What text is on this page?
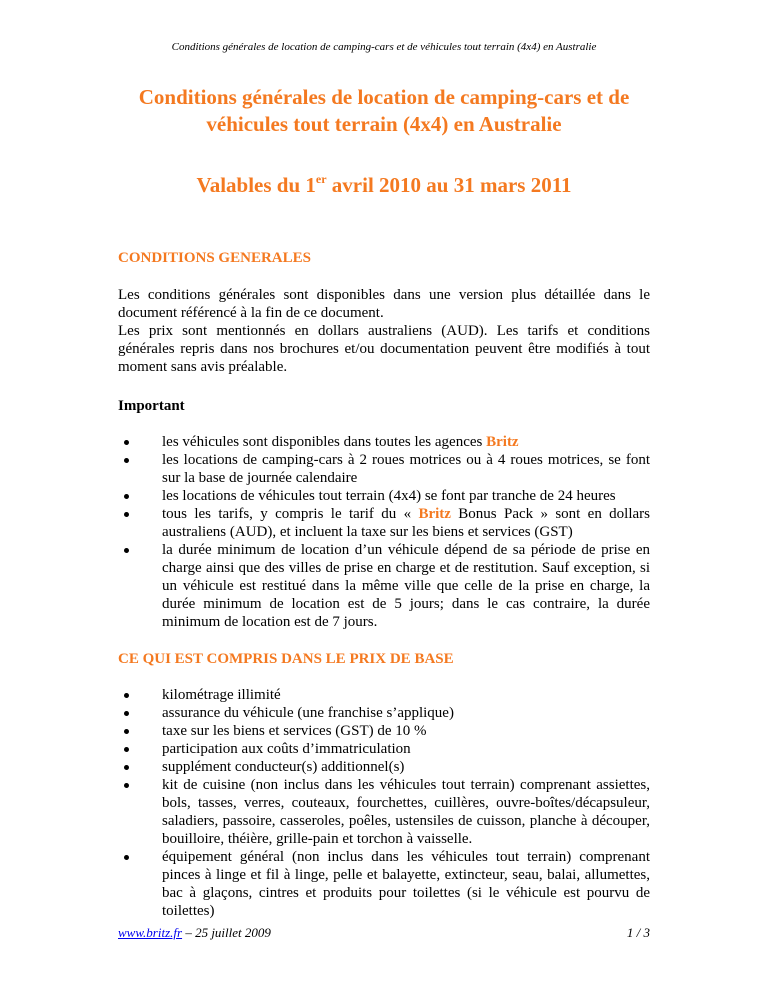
Conditions générales de location de camping-cars et de véhicules tout terrain (4x4) en Australie
Conditions générales de location de camping-cars et de
véhicules tout terrain (4x4) en Australie
Valables du 1er avril 2010 au 31 mars 2011
CONDITIONS GENERALES
Les conditions générales sont disponibles dans une version plus détaillée dans le document référencé à la fin de ce document.
Les prix sont mentionnés en dollars australiens (AUD). Les tarifs et conditions générales repris dans nos brochures et/ou documentation peuvent être modifiés à tout moment sans avis préalable.
Important
les véhicules sont disponibles dans toutes les agences Britz
les locations de camping-cars à 2 roues motrices ou à 4 roues motrices, se font sur la base de journée calendaire
les locations de véhicules tout terrain (4x4) se font par tranche de 24 heures
tous les tarifs, y compris le tarif du « Britz Bonus Pack » sont en dollars australiens (AUD), et incluent la taxe sur les biens et services (GST)
la durée minimum de location d’un véhicule dépend de sa période de prise en charge ainsi que des villes de prise en charge et de restitution. Sauf exception, si un véhicule est restitué dans la même ville que celle de la prise en charge, la durée minimum de location est de 5 jours; dans le cas contraire, la durée minimum de location est de 7 jours.
CE QUI EST COMPRIS DANS LE PRIX DE BASE
kilométrage illimité
assurance du véhicule (une franchise s’applique)
taxe sur les biens et services (GST) de 10 %
participation aux coûts d’immatriculation
supplément conducteur(s) additionnel(s)
kit de cuisine (non inclus dans les véhicules tout terrain) comprenant assiettes, bols, tasses, verres, couteaux, fourchettes, cuillères, ouvre-boîtes/décapsuleur, saladiers, passoire, casseroles, poêles, ustensiles de cuisson, planche à découper, bouilloire, théière, grille-pain et torchon à vaisselle.
équipement général (non inclus dans les véhicules tout terrain) comprenant pinces à linge et fil à linge, pelle et balayette, extincteur, seau, balai, allumettes, bac à glaçons, cintres et produits pour toilettes (si le véhicule est pourvu de toilettes)
www.britz.fr – 25 juillet 2009	1 / 3
